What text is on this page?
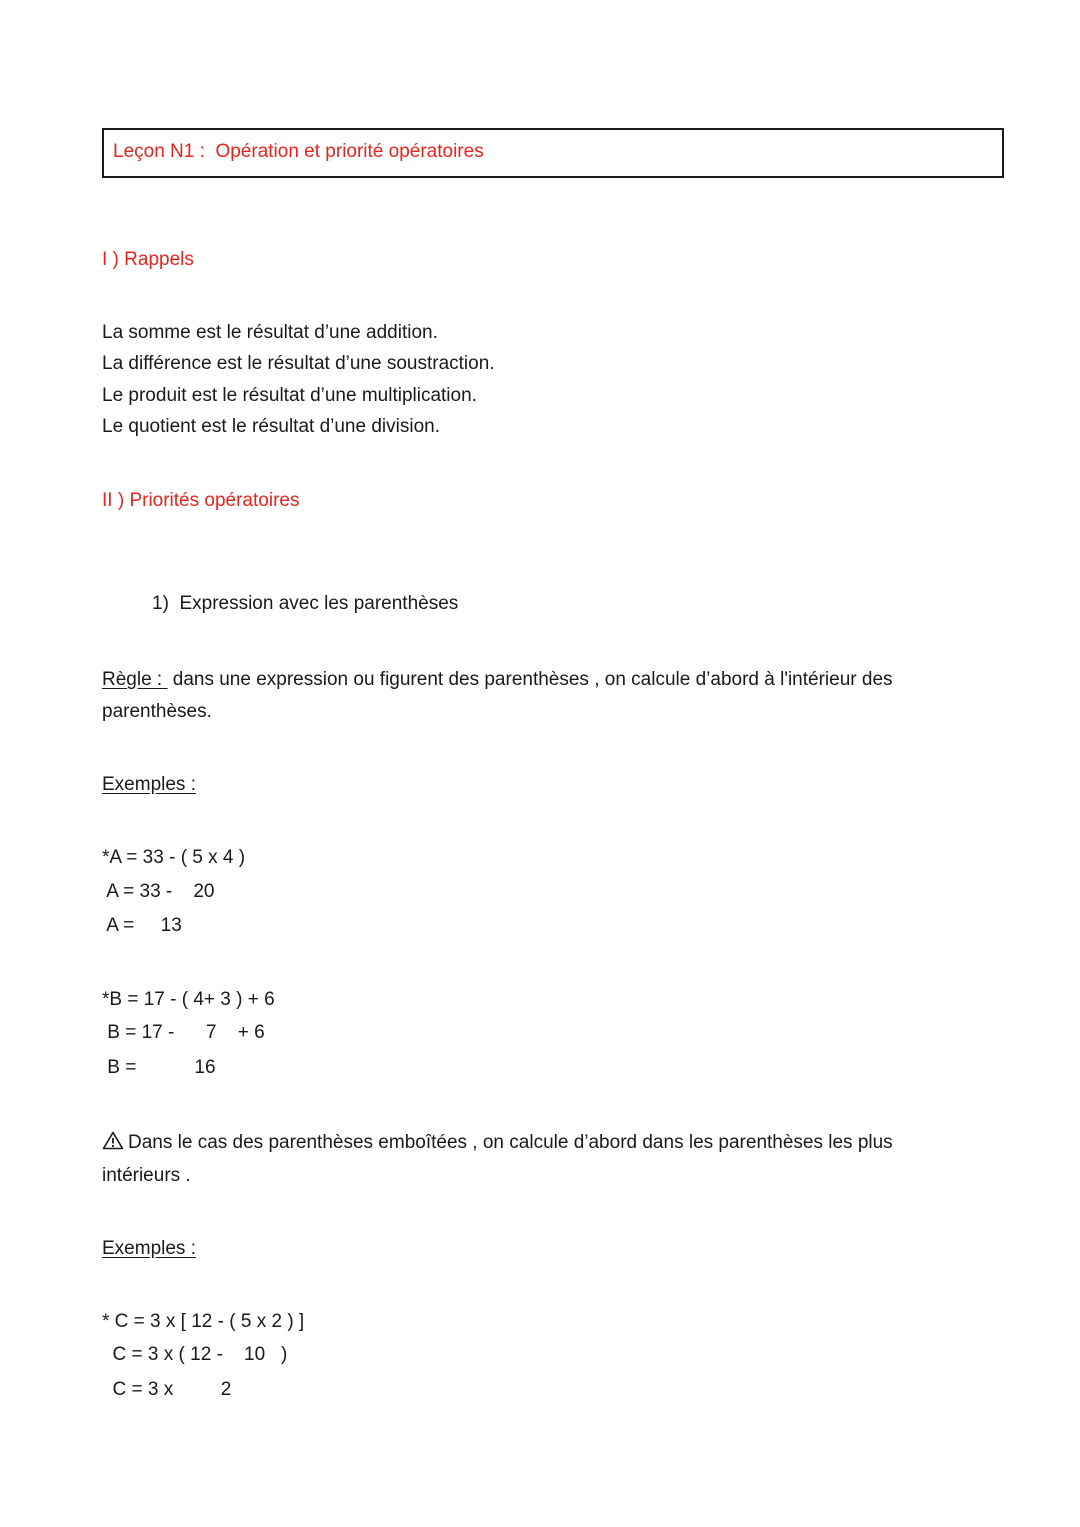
Leçon N1 :  Opération et priorité opératoires
I ) Rappels
La somme est le résultat d’une addition.
La différence est le résultat d’une soustraction.
Le produit est le résultat d’une multiplication.
Le quotient est le résultat d’une division.
II ) Priorités opératoires
1)  Expression avec les parenthèses
Règle :  dans une expression ou figurent des parenthèses , on calcule d’abord à l'intérieur des
parenthèses.
Exemples :
*A = 33 - ( 5 x 4 )
A = 33 -    20
A =     13
*B = 17 - ( 4+ 3 ) + 6
B = 17 -      7    + 6
B =           16
Dans le cas des parenthèses emboîtées , on calcule d’abord dans les parenthèses les plus
intérieurs .
Exemples :
* C = 3 x [ 12 - ( 5 x 2 ) ]
C = 3 x ( 12 -    10   )
C = 3 x         2
